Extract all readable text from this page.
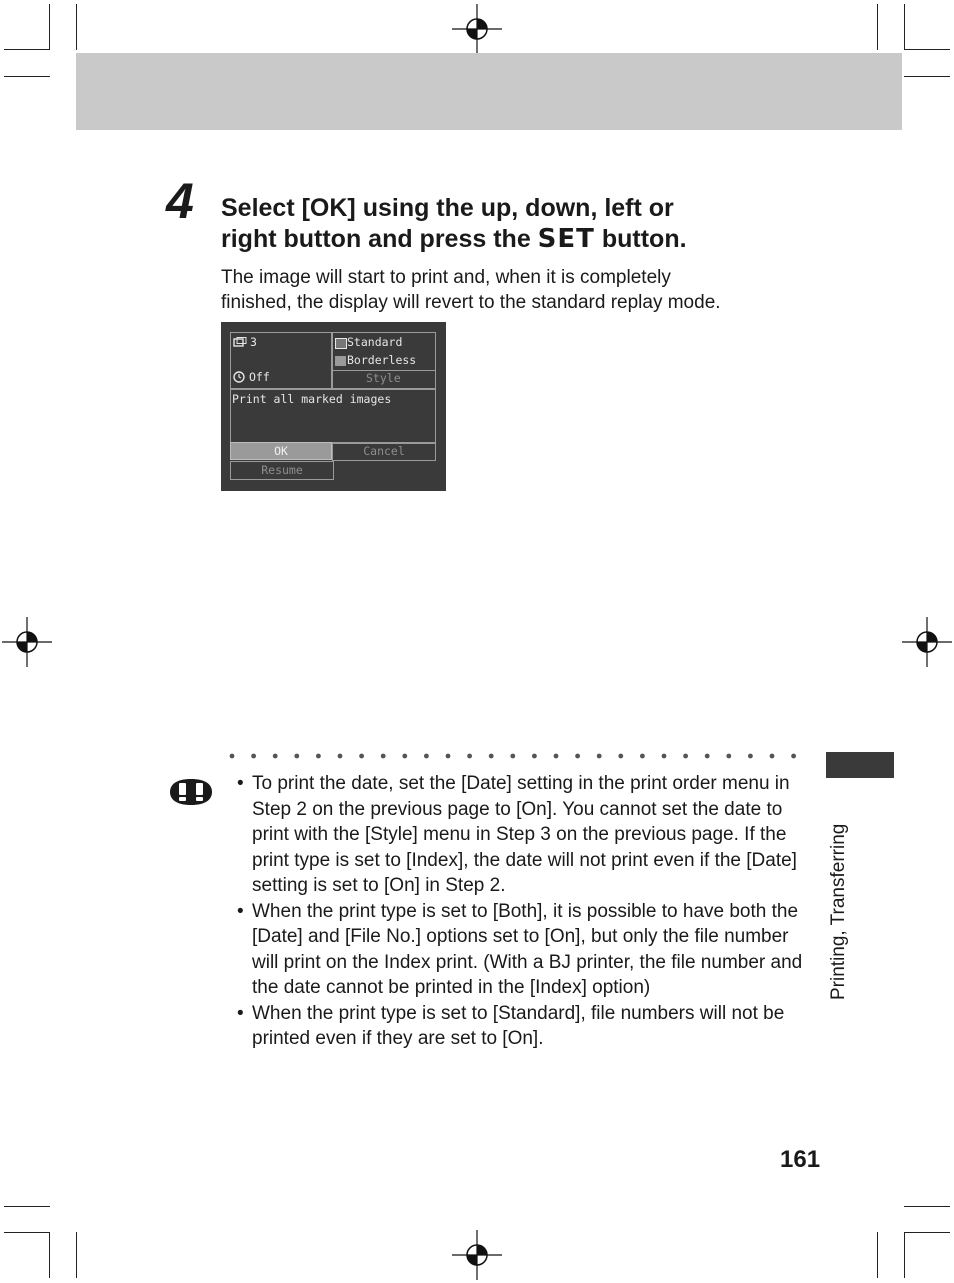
4 Select [OK] using the up, down, left or
right button and press the SET button.
The image will start to print and, when it is completely
finished, the display will revert to the standard replay mode.
3
Off
Standard
Borderless
Style
Print all marked images
OK	Cancel
Resume
• To print the date, set the [Date] setting in the print order menu in Step 2 on the previous page to [On]. You cannot set the date to print with the [Style] menu in Step 3 on the previous page. If the print type is set to [Index], the date will not print even if the [Date] setting is set to [On] in Step 2.
• When the print type is set to [Both], it is possible to have both the [Date] and [File No.] options set to [On], but only the file number will print on the Index print. (With a BJ printer, the file number and the date cannot be printed in the [Index] option)
• When the print type is set to [Standard], file numbers will not be printed even if they are set to [On].
Printing, Transferring
161
